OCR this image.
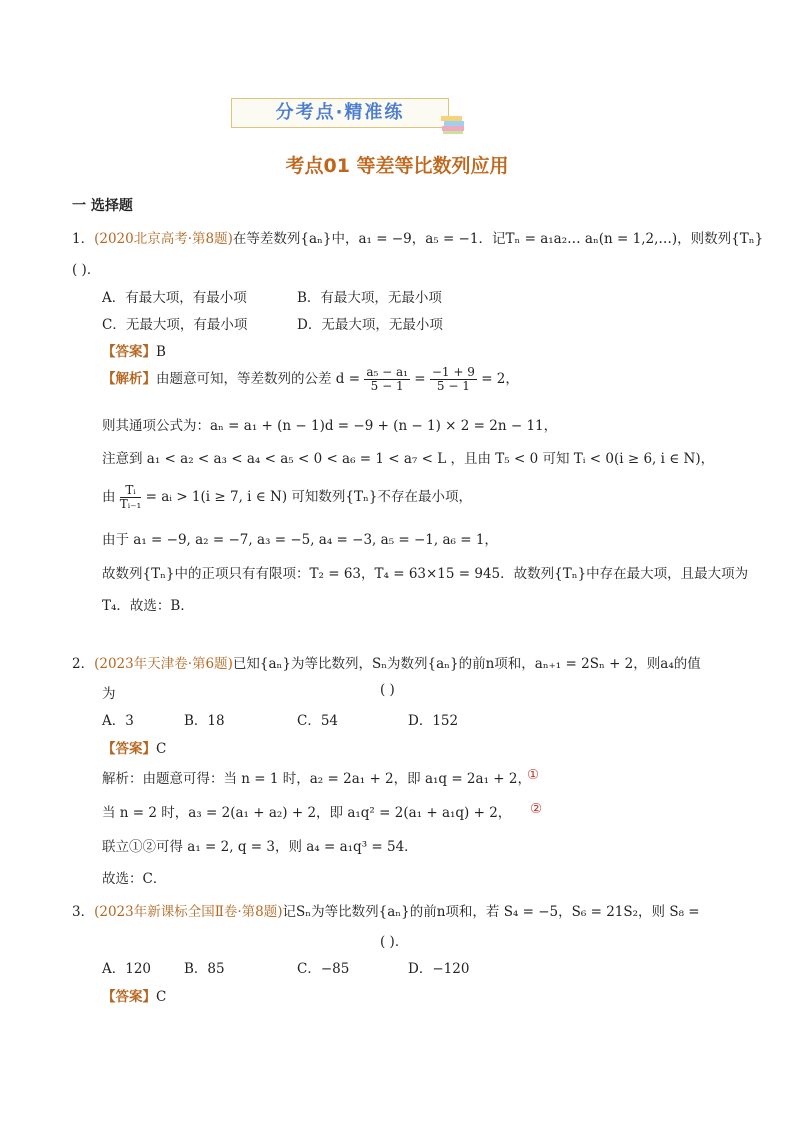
分考点·精准练
考点01 等差等比数列应用
一 选择题
1．(2020北京高考·第8题)在等差数列{aₙ}中，a₁ = −9，a₅ = −1．记Tₙ = a₁a₂… aₙ(n = 1,2,…)，则数列{Tₙ}
( )．
A．有最大项，有最小项	B．有最大项，无最小项
C．无最大项，有最小项	D．无最大项，无最小项
【答案】B
【解析】由题意可知，等差数列的公差 $d = \frac{\text{a₅ − a₁}}{5 - 1} = \frac{-1 + 9}{5 - 1} = 2$，
则其通项公式为：aₙ = a₁ + (n − 1)d = −9 + (n − 1) × 2 = 2n − 11，
注意到 a₁ < a₂ < a₃ < a₄ < a₅ < 0 < a₆ = 1 < a₇ < L ，且由 T₅ < 0 可知 Tᵢ < 0(i ≥ 6, i ∈ N)，
由 $\frac{\text{Tᵢ}}{\text{Tᵢ₋₁}}$ = aᵢ > 1(i ≥ 7, i ∈ N) 可知数列{Tₙ}不存在最小项，
由于 a₁ = −9, a₂ = −7, a₃ = −5, a₄ = −3, a₅ = −1, a₆ = 1，
故数列{Tₙ}中的正项只有有限项：T₂ = 63，T₄ = 63×15 = 945．故数列{Tₙ}中存在最大项，且最大项为
T₄．故选：B．
2．(2023年天津卷·第6题)已知{aₙ}为等比数列，Sₙ为数列{aₙ}的前n项和，aₙ₊₁ = 2Sₙ + 2，则a₄的值
为	( )
A．3	B．18	C．54	D．152
【答案】C
解析：由题意可得：当 n = 1 时，a₂ = 2a₁ + 2，即 a₁q = 2a₁ + 2，
①
当 n = 2 时，a₃ = 2(a₁ + a₂) + 2，即 a₁q² = 2(a₁ + a₁q) + 2， ②
联立①②可得 a₁ = 2, q = 3，则 a₄ = a₁q³ = 54．
故选：C．
3．(2023年新课标全国Ⅱ卷·第8题)记Sₙ为等比数列{aₙ}的前n项和，若 S₄ = −5，S₆ = 21S₂，则 S₈ =
( )．
A．120 B．85	C．−85	D．−120
【答案】C
